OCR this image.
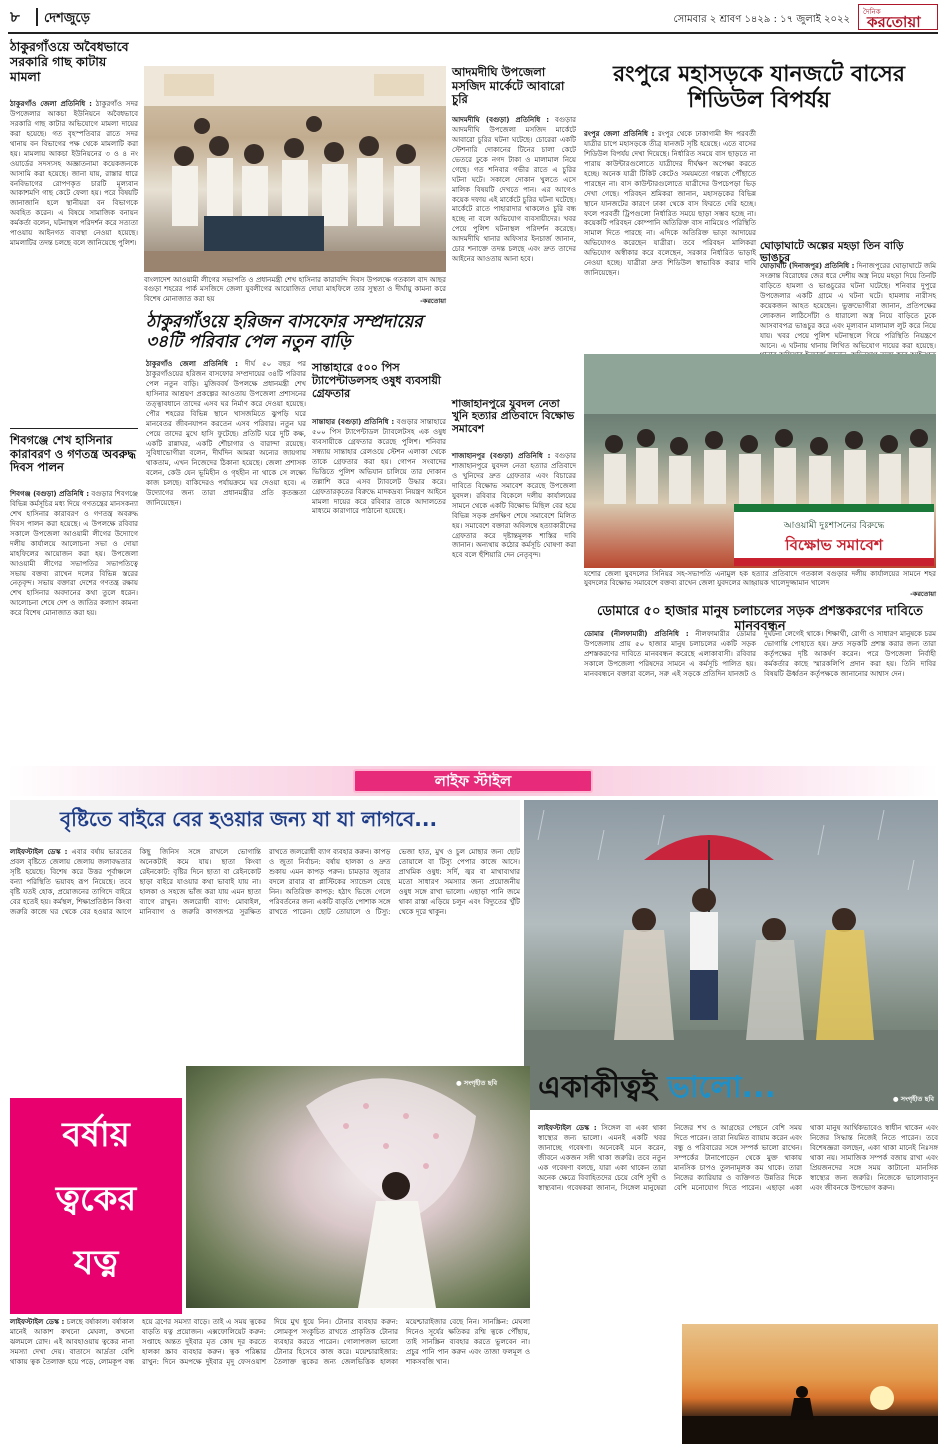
৮	দেশজুড়ে	সোমবার ২ শ্রাবণ ১৪২৯ : ১৭ জুলাই ২০২২
দৈনিক
করতোয়া
ঠাকুরগাঁওয়ে অবৈধভাবে সরকারি গাছ কাটায় মামলা
ঠাকুরগাঁও জেলা প্রতিনিধি : ঠাকুরগাঁও সদর উপজেলার আকচা ইউনিয়নে অবৈধভাবে সরকারি গাছ কাটার অভিযোগে মামলা দায়ের করা হয়েছে। গত বৃহস্পতিবার রাতে সদর থানায় বন বিভাগের পক্ষ থেকে মামলাটি করা হয়। মামলায় আকচা ইউনিয়নের ৩ ও ৪ নং ওয়ার্ডের সদস্যসহ অজ্ঞাতনামা কয়েকজনকে আসামি করা হয়েছে। জানা যায়, রাস্তার ধারে বনবিভাগের রোপণকৃত চারটি মূল্যবান আকাশমণি গাছ কেটে ফেলা হয়। পরে বিষয়টি জানাজানি হলে স্থানীয়রা বন বিভাগকে অবহিত করেন। এ বিষয়ে সামাজিক বনায়ন কর্মকর্তা বলেন, ঘটনাস্থল পরিদর্শন করে সত্যতা পাওয়ায় আইনগত ব্যবস্থা নেওয়া হয়েছে। মামলাটির তদন্ত চলছে বলে জানিয়েছে পুলিশ।
শিবগঞ্জে শেখ হাসিনার কারাবরণ ও গণতন্ত্র অবরুদ্ধ দিবস পালন
শিবগঞ্জ (বগুড়া) প্রতিনিধি : বগুড়ার শিবগঞ্জে বিভিন্ন কর্মসূচির মধ্য দিয়ে গণতন্ত্রের মানসকন্যা শেখ হাসিনার কারাবরণ ও গণতন্ত্র অবরুদ্ধ দিবস পালন করা হয়েছে। এ উপলক্ষে রবিবার সকালে উপজেলা আওয়ামী লীগের উদ্যোগে দলীয় কার্যালয়ে আলোচনা সভা ও দোয়া মাহফিলের আয়োজন করা হয়। উপজেলা আওয়ামী লীগের সভাপতির সভাপতিত্বে সভায় বক্তব্য রাখেন দলের বিভিন্ন স্তরের নেতৃবৃন্দ। সভায় বক্তারা দেশের গণতন্ত্র রক্ষায় শেখ হাসিনার অবদানের কথা তুলে ধরেন। আলোচনা শেষে দেশ ও জাতির কল্যাণ কামনা করে বিশেষ মোনাজাত করা হয়।
বাংলাদেশ আওয়ামী লীগের সভাপতি ও প্রধানমন্ত্রী শেখ হাসিনার কারাবন্দি দিবস উপলক্ষে গতকাল বাদ আছর বগুড়া শহরের পার্ক মসজিদে জেলা যুবলীগের আয়োজিত দোয়া মাহফিলে তার সুস্থতা ও দীর্ঘায়ু কামনা করে বিশেষ মোনাজাত করা হয়	-করতোয়া
আদমদীঘি উপজেলা মসজিদ মার্কেটে আবারো চুরি
আদমদীঘি (বগুড়া) প্রতিনিধি : বগুড়ার আদমদীঘি উপজেলা মসজিদ মার্কেটে আবারো চুরির ঘটনা ঘটেছে। চোরেরা একটি স্টেশনারি দোকানের টিনের চালা কেটে ভেতরে ঢুকে নগদ টাকা ও মালামাল নিয়ে গেছে। গত শনিবার গভীর রাতে এ চুরির ঘটনা ঘটে। সকালে দোকান খুলতে এসে মালিক বিষয়টি দেখতে পান। এর আগেও কয়েক দফায় এই মার্কেটে চুরির ঘটনা ঘটেছে। মার্কেটে রাতে পাহারাদার থাকলেও চুরি বন্ধ হচ্ছে না বলে অভিযোগ ব্যবসায়ীদের। খবর পেয়ে পুলিশ ঘটনাস্থল পরিদর্শন করেছে। আদমদীঘি থানার অফিসার ইনচার্জ জানান, চোর শনাক্তে তদন্ত চলছে এবং দ্রুত তাদের আইনের আওতায় আনা হবে।
ঠাকুরগাঁওয়ে হরিজন বাসফোর সম্প্রদায়ের ৩৪টি পরিবার পেল নতুন বাড়ি
ঠাকুরগাঁও জেলা প্রতিনিধি : দীর্ঘ ৫০ বছর পর ঠাকুরগাঁওয়ের হরিজন বাসফোর সম্প্রদায়ের ৩৪টি পরিবার পেল নতুন বাড়ি। মুজিববর্ষ উপলক্ষে প্রধানমন্ত্রী শেখ হাসিনার আশ্রয়ণ প্রকল্পের আওতায় উপজেলা প্রশাসনের তত্ত্বাবধানে তাদের এসব ঘর নির্মাণ করে দেওয়া হয়েছে। পৌর শহরের বিভিন্ন স্থানে খাসজমিতে ঝুপড়ি ঘরে মানবেতর জীবনযাপন করতেন এসব পরিবার। নতুন ঘর পেয়ে তাদের মুখে হাসি ফুটেছে। প্রতিটি ঘরে দুটি কক্ষ, একটি রান্নাঘর, একটি শৌচাগার ও বারান্দা রয়েছে। সুবিধাভোগীরা বলেন, দীর্ঘদিন আমরা অন্যের জায়গায় থাকতাম, এখন নিজেদের ঠিকানা হয়েছে। জেলা প্রশাসক বলেন, কেউ যেন ভূমিহীন ও গৃহহীন না থাকে সে লক্ষ্যে কাজ চলছে। বাকিদেরও পর্যায়ক্রমে ঘর দেওয়া হবে। এ উদ্যোগের জন্য তারা প্রধানমন্ত্রীর প্রতি কৃতজ্ঞতা জানিয়েছেন।
সান্তাহারে ৫০০ পিস ট্যাপেন্টাডলসহ ওষুধ ব্যবসায়ী গ্রেফতার
সান্তাহার (বগুড়া) প্রতিনিধি : বগুড়ার সান্তাহারে ৫০০ পিস ট্যাপেন্টাডল ট্যাবলেটসহ এক ওষুধ ব্যবসায়ীকে গ্রেফতার করেছে পুলিশ। শনিবার সন্ধ্যায় সান্তাহার রেলওয়ে স্টেশন এলাকা থেকে তাকে গ্রেফতার করা হয়। গোপন সংবাদের ভিত্তিতে পুলিশ অভিযান চালিয়ে তার দোকান তল্লাশি করে এসব ট্যাবলেট উদ্ধার করে। গ্রেফতারকৃতের বিরুদ্ধে মাদকদ্রব্য নিয়ন্ত্রণ আইনে মামলা দায়ের করে রবিবার তাকে আদালতের মাধ্যমে কারাগারে পাঠানো হয়েছে।
শাজাহানপুরে যুবদল নেতা খুনি হত্যার প্রতিবাদে বিক্ষোভ সমাবেশ
শাজাহানপুর (বগুড়া) প্রতিনিধি : বগুড়ার শাজাহানপুরে যুবদল নেতা হত্যার প্রতিবাদে ও খুনিদের দ্রুত গ্রেফতার এবং বিচারের দাবিতে বিক্ষোভ সমাবেশ করেছে উপজেলা যুবদল। রবিবার বিকেলে দলীয় কার্যালয়ের সামনে থেকে একটি বিক্ষোভ মিছিল বের হয়ে বিভিন্ন সড়ক প্রদক্ষিণ শেষে সমাবেশে মিলিত হয়। সমাবেশে বক্তারা অবিলম্বে হত্যাকারীদের গ্রেফতার করে দৃষ্টান্তমূলক শাস্তির দাবি জানান। অন্যথায় কঠোর কর্মসূচি ঘোষণা করা হবে বলে হুঁশিয়ারি দেন নেতৃবৃন্দ।
রংপুরে মহাসড়কে যানজটে বাসের শিডিউল বিপর্যয়
রংপুর জেলা প্রতিনিধি : রংপুর থেকে ঢাকাগামী ঈদ পরবর্তী যাত্রীর চাপে মহাসড়কে তীব্র যানজট সৃষ্টি হয়েছে। এতে বাসের শিডিউল বিপর্যয় দেখা দিয়েছে। নির্ধারিত সময়ে বাস ছাড়তে না পারায় কাউন্টারগুলোতে যাত্রীদের দীর্ঘক্ষণ অপেক্ষা করতে হচ্ছে। অনেক যাত্রী টিকিট কেটেও সময়মতো গন্তব্যে পৌঁছাতে পারছেন না। বাস কাউন্টারগুলোতে যাত্রীদের উপচেপড়া ভিড় দেখা গেছে। পরিবহন শ্রমিকরা জানান, মহাসড়কের বিভিন্ন স্থানে যানজটের কারণে ঢাকা থেকে বাস ফিরতে দেরি হচ্ছে। ফলে পরবর্তী ট্রিপগুলো নির্ধারিত সময়ে ছাড়া সম্ভব হচ্ছে না। কয়েকটি পরিবহন কোম্পানি অতিরিক্ত বাস নামিয়েও পরিস্থিতি সামাল দিতে পারছে না। এদিকে অতিরিক্ত ভাড়া আদায়ের অভিযোগও করেছেন যাত্রীরা। তবে পরিবহন মালিকরা অভিযোগ অস্বীকার করে বলেছেন, সরকার নির্ধারিত ভাড়াই নেওয়া হচ্ছে। যাত্রীরা দ্রুত শিডিউল স্বাভাবিক করার দাবি জানিয়েছেন।
ঘোড়াঘাটে অল্পের মহড়া তিন বাড়ি ভাঙচুর
ঘোড়াঘাট (দিনাজপুর) প্রতিনিধি : দিনাজপুরের ঘোড়াঘাটে জমি সংক্রান্ত বিরোধের জের ধরে দেশীয় অস্ত্র নিয়ে মহড়া দিয়ে তিনটি বাড়িতে হামলা ও ভাঙচুরের ঘটনা ঘটেছে। শনিবার দুপুরে উপজেলার একটি গ্রামে এ ঘটনা ঘটে। হামলায় নারীসহ কয়েকজন আহত হয়েছেন। ভুক্তভোগীরা জানান, প্রতিপক্ষের লোকজন লাঠিসোঁটা ও ধারালো অস্ত্র নিয়ে বাড়িতে ঢুকে আসবাবপত্র ভাঙচুর করে এবং মূল্যবান মালামাল লুট করে নিয়ে যায়। খবর পেয়ে পুলিশ ঘটনাস্থলে গিয়ে পরিস্থিতি নিয়ন্ত্রণে আনে। এ ঘটনায় থানায় লিখিত অভিযোগ দায়ের করা হয়েছে।
আওয়ামী দুঃশাসনের বিরুদ্ধে
বিক্ষোভ সমাবেশ
যশোর জেলা যুবদলের সিনিয়র সহ-সভাপতি এনামুল হক হত্যার প্রতিবাদে গতকাল বগুড়ার দলীয় কার্যালয়ের সামনে শহর যুবদলের বিক্ষোভ সমাবেশে বক্তব্য রাখেন জেলা যুবদলের আহ্বায়ক খালেদুজ্জামান খালেদ
-করতোয়া
ডোমারে ৫০ হাজার মানুষ চলাচলের সড়ক প্রশস্তকরণের দাবিতে মানববন্ধন
ডোমার (নীলফামারী) প্রতিনিধি : নীলফামারীর ডোমার উপজেলায় প্রায় ৫০ হাজার মানুষ চলাচলের একটি সড়ক প্রশস্তকরণের দাবিতে মানববন্ধন করেছে এলাকাবাসী। রবিবার সকালে উপজেলা পরিষদের সামনে এ কর্মসূচি পালিত হয়। মানববন্ধনে বক্তারা বলেন, সরু এই সড়কে প্রতিদিন যানজট ও দুর্ঘটনা লেগেই থাকে। শিক্ষার্থী, রোগী ও সাধারণ মানুষকে চরম ভোগান্তি পোহাতে হয়। দ্রুত সড়কটি প্রশস্ত করার জন্য তারা কর্তৃপক্ষের দৃষ্টি আকর্ষণ করেন। পরে উপজেলা নির্বাহী কর্মকর্তার কাছে স্মারকলিপি প্রদান করা হয়। তিনি দাবির বিষয়টি ঊর্ধ্বতন কর্তৃপক্ষকে জানানোর আশ্বাস দেন।
লাইফ স্টাইল
বৃষ্টিতে বাইরে বের হওয়ার জন্য যা যা লাগবে...
লাইফস্টাইল ডেস্ক : এবার বর্ষায় ভারতের প্রবল বৃষ্টিতে জেলায় জেলায় জলাবদ্ধতার সৃষ্টি হয়েছে। বিশেষ করে উত্তর পূর্বাঞ্চলে বন্যা পরিস্থিতি ভয়াবহ রূপ নিয়েছে। তবে বৃষ্টি যতই হোক, প্রয়োজনের তাগিদে বাইরে বের হতেই হয়। কর্মস্থল, শিক্ষাপ্রতিষ্ঠান কিংবা জরুরি কাজে ঘর থেকে বের হওয়ার আগে কিছু জিনিস সঙ্গে রাখলে ভোগান্তি অনেকটাই কমে যায়। ছাতা কিংবা রেইনকোট: বৃষ্টির দিনে ছাতা বা রেইনকোট ছাড়া বাইরে যাওয়ার কথা ভাবাই যায় না। হালকা ও সহজে ভাঁজ করা যায় এমন ছাতা ব্যাগে রাখুন। জলরোধী ব্যাগ: মোবাইল, মানিব্যাগ ও জরুরি কাগজপত্র সুরক্ষিত রাখতে জলরোধী ব্যাগ ব্যবহার করুন। কাপড় ও জুতা নির্বাচন: বর্ষায় হালকা ও দ্রুত শুকায় এমন কাপড় পরুন। চামড়ার জুতার বদলে রাবার বা প্লাস্টিকের স্যান্ডেল বেছে নিন। অতিরিক্ত কাপড়: হঠাৎ ভিজে গেলে পরিবর্তনের জন্য একটি বাড়তি পোশাক সঙ্গে রাখতে পারেন। ছোট তোয়ালে ও টিস্যু: ভেজা হাত, মুখ ও চুল মোছার জন্য ছোট তোয়ালে বা টিস্যু পেপার কাজে আসে। প্রাথমিক ওষুধ: সর্দি, জ্বর বা মাথাব্যথার মতো সাধারণ সমস্যার জন্য প্রয়োজনীয় ওষুধ সঙ্গে রাখা ভালো। এছাড়া পানি জমে থাকা রাস্তা এড়িয়ে চলুন এবং বিদ্যুতের খুঁটি থেকে দূরে থাকুন।
● সংগৃহীত ছবি
বর্ষায়
ত্বকের
যত্ন
● সংগৃহীত ছবি
লাইফস্টাইল ডেস্ক : চলছে বর্ষাকাল। বর্ষাকাল মানেই আকাশ কখনো মেঘলা, কখনো ঝলমলে রোদ। এই আবহাওয়ায় ত্বকের নানা সমস্যা দেখা দেয়। বাতাসে আর্দ্রতা বেশি থাকায় ত্বক তৈলাক্ত হয়ে পড়ে, লোমকূপ বন্ধ হয়ে ব্রণের সমস্যা বাড়ে। তাই এ সময় ত্বকের বাড়তি যত্ন প্রয়োজন। এক্সফোলিয়েট করুন: সপ্তাহে অন্তত দুইবার মৃত কোষ দূর করতে হালকা স্ক্রাব ব্যবহার করুন। ত্বক পরিষ্কার রাখুন: দিনে কমপক্ষে দুইবার মৃদু ফেসওয়াশ দিয়ে মুখ ধুয়ে নিন। টোনার ব্যবহার করুন: লোমকূপ সংকুচিত রাখতে প্রাকৃতিক টোনার ব্যবহার করতে পারেন। গোলাপজল ভালো টোনার হিসেবে কাজ করে। ময়েশ্চারাইজার: তৈলাক্ত ত্বকের জন্য জেলভিত্তিক হালকা ময়েশ্চারাইজার বেছে নিন। সানস্ক্রিন: মেঘলা দিনেও সূর্যের ক্ষতিকর রশ্মি ত্বকে পৌঁছায়, তাই সানস্ক্রিন ব্যবহার করতে ভুলবেন না। প্রচুর পানি পান করুন এবং তাজা ফলমূল ও শাকসবজি খান।
একাকীত্বই ভালো...
লাইফস্টাইল ডেস্ক : সিঙ্গেল বা একা থাকা স্বাস্থ্যের জন্য ভালো। এমনই একটি খবর জানাচ্ছে গবেষণা। অনেকেই মনে করেন, জীবনে একজন সঙ্গী থাকা জরুরি। তবে নতুন এক গবেষণা বলছে, যারা একা থাকেন তারা অনেক ক্ষেত্রে বিবাহিতদের চেয়ে বেশি সুখী ও স্বাস্থ্যবান। গবেষকরা জানান, সিঙ্গেল মানুষেরা নিজের শখ ও আগ্রহের পেছনে বেশি সময় দিতে পারেন। তারা নিয়মিত ব্যায়াম করেন এবং বন্ধু ও পরিবারের সঙ্গে সম্পর্ক ভালো রাখেন। সম্পর্কের টানাপোড়েন থেকে মুক্ত থাকায় মানসিক চাপও তুলনামূলক কম থাকে। তারা নিজের ক্যারিয়ার ও ব্যক্তিগত উন্নতির দিকে বেশি মনোযোগ দিতে পারেন। এছাড়া একা থাকা মানুষ আর্থিকভাবেও স্বাধীন থাকেন এবং নিজের সিদ্ধান্ত নিজেই নিতে পারেন। তবে বিশেষজ্ঞরা বলছেন, একা থাকা মানেই নিঃসঙ্গ থাকা নয়। সামাজিক সম্পর্ক বজায় রাখা এবং প্রিয়জনদের সঙ্গে সময় কাটানো মানসিক স্বাস্থ্যের জন্য জরুরি। নিজেকে ভালোবাসুন এবং জীবনকে উপভোগ করুন।
